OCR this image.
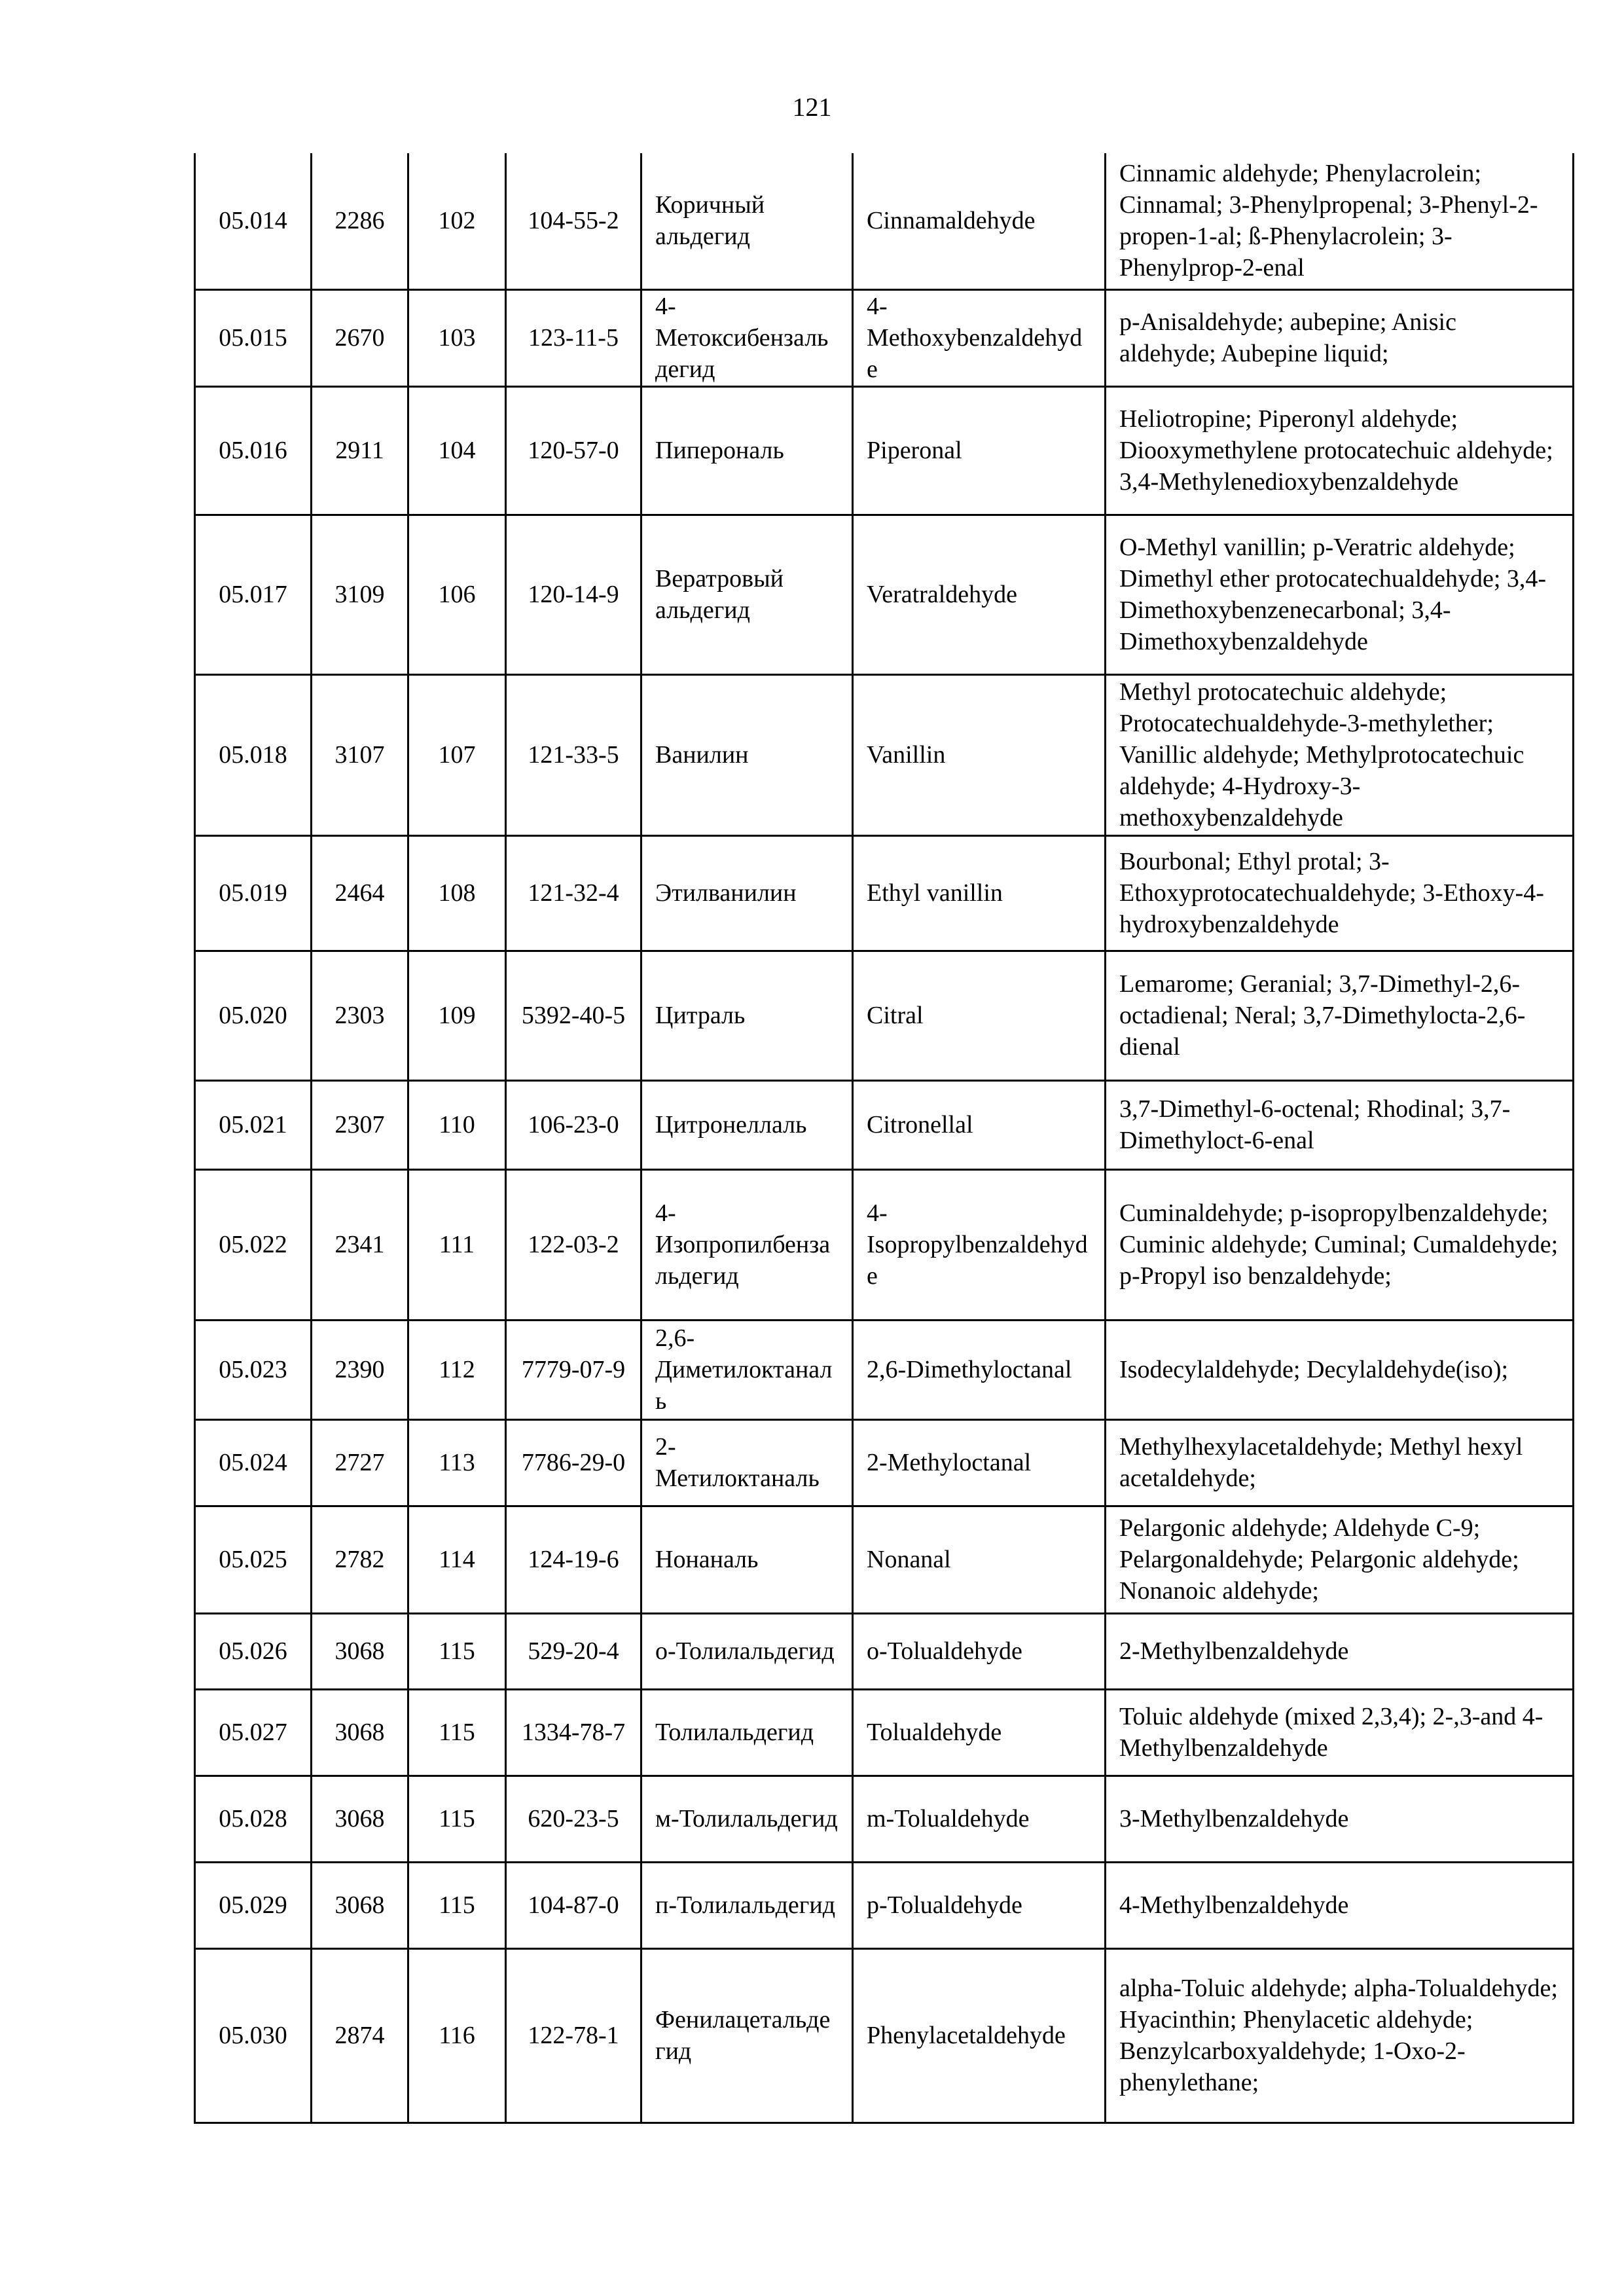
121
05.014	2286	102	104-55-2	Коричный альдегид	Cinnamaldehyde	Cinnamic aldehyde; Phenylacrolein; Cinnamal; 3-Phenylpropenal; 3-Phenyl-2-propen-1-al; ß-Phenylacrolein; 3-Phenylprop-2-enal
05.015	2670	103	123-11-5	4-Метоксибензальдегид	4-Methoxybenzaldehyde	p-Anisaldehyde; aubepine; Anisic aldehyde; Aubepine liquid;
05.016	2911	104	120-57-0	Пиперональ	Piperonal	Heliotropine; Piperonyl aldehyde; Diooxymethylene protocatechuic aldehyde; 3,4-Methylenedioxybenzaldehyde
05.017	3109	106	120-14-9	Вератровый альдегид	Veratraldehyde	O-Methyl vanillin; p-Veratric aldehyde; Dimethyl ether protocatechualdehyde; 3,4-Dimethoxybenzenecarbonal; 3,4-Dimethoxybenzaldehyde
05.018	3107	107	121-33-5	Ванилин	Vanillin	Methyl protocatechuic aldehyde; Protocatechualdehyde-3-methylether; Vanillic aldehyde; Methylprotocatechuic aldehyde; 4-Hydroxy-3-methoxybenzaldehyde
05.019	2464	108	121-32-4	Этилванилин	Ethyl vanillin	Bourbonal; Ethyl protal; 3-Ethoxyprotocatechualdehyde; 3-Ethoxy-4-hydroxybenzaldehyde
05.020	2303	109	5392-40-5	Цитраль	Citral	Lemarome; Geranial; 3,7-Dimethyl-2,6-octadienal; Neral; 3,7-Dimethylocta-2,6-dienal
05.021	2307	110	106-23-0	Цитронеллаль	Citronellal	3,7-Dimethyl-6-octenal; Rhodinal; 3,7-Dimethyloct-6-enal
05.022	2341	111	122-03-2	4-Изопропилбензальдегид	4-Isopropylbenzaldehyde	Cuminaldehyde; p-isopropylbenzaldehyde; Cuminic aldehyde; Cuminal; Cumaldehyde; p-Propyl iso benzaldehyde;
05.023	2390	112	7779-07-9	2,6-Диметилоктаналь	2,6-Dimethyloctanal	Isodecylaldehyde; Decylaldehyde(iso);
05.024	2727	113	7786-29-0	2-Метилоктаналь	2-Methyloctanal	Methylhexylacetaldehyde; Methyl hexyl acetaldehyde;
05.025	2782	114	124-19-6	Нонаналь	Nonanal	Pelargonic aldehyde; Aldehyde C-9; Pelargonaldehyde; Pelargonic aldehyde; Nonanoic aldehyde;
05.026	3068	115	529-20-4	о-Толилальдегид	o-Tolualdehyde	2-Methylbenzaldehyde
05.027	3068	115	1334-78-7	Толилальдегид	Tolualdehyde	Toluic aldehyde (mixed 2,3,4); 2-,3-and 4-Methylbenzaldehyde
05.028	3068	115	620-23-5	м-Толилальдегид	m-Tolualdehyde	3-Methylbenzaldehyde
05.029	3068	115	104-87-0	п-Толилальдегид	p-Tolualdehyde	4-Methylbenzaldehyde
05.030	2874	116	122-78-1	Фенилацетальдегид	Phenylacetaldehyde	alpha-Toluic aldehyde; alpha-Tolualdehyde; Hyacinthin; Phenylacetic aldehyde; Benzylcarboxyaldehyde; 1-Oxo-2-phenylethane;
